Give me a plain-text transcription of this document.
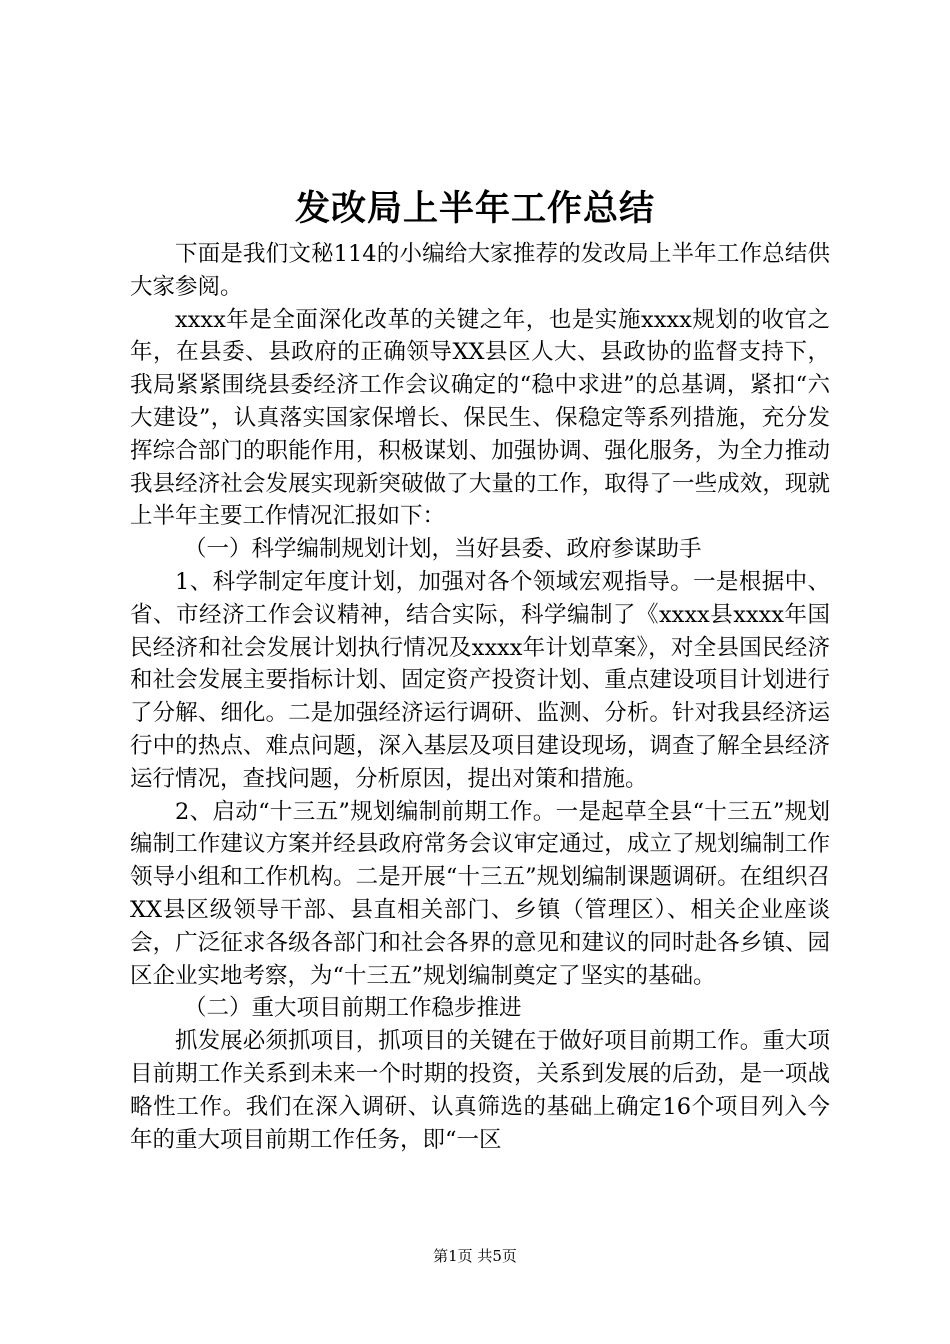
发改局上半年工作总结

下面是我们文秘114的小编给大家推荐的发改局上半年工作总结供大家参阅。

xxxx年是全面深化改革的关键之年，也是实施xxxx规划的收官之年，在县委、县政府的正确领导XX县区人大、县政协的监督支持下，我局紧紧围绕县委经济工作会议确定的“稳中求进”的总基调，紧扣“六大建设”，认真落实国家保增长、保民生、保稳定等系列措施，充分发挥综合部门的职能作用，积极谋划、加强协调、强化服务，为全力推动我县经济社会发展实现新突破做了大量的工作，取得了一些成效，现就上半年主要工作情况汇报如下：

（一）科学编制规划计划，当好县委、政府参谋助手

1、科学制定年度计划，加强对各个领域宏观指导。一是根据中、省、市经济工作会议精神，结合实际，科学编制了《xxxx县xxxx年国民经济和社会发展计划执行情况及xxxx年计划草案》，对全县国民经济和社会发展主要指标计划、固定资产投资计划、重点建设项目计划进行了分解、细化。二是加强经济运行调研、监测、分析。针对我县经济运行中的热点、难点问题，深入基层及项目建设现场，调查了解全县经济运行情况，查找问题，分析原因，提出对策和措施。

2、启动“十三五”规划编制前期工作。一是起草全县“十三五”规划编制工作建议方案并经县政府常务会议审定通过，成立了规划编制工作领导小组和工作机构。二是开展“十三五”规划编制课题调研。在组织召XX县区级领导干部、县直相关部门、乡镇（管理区）、相关企业座谈会，广泛征求各级各部门和社会各界的意见和建议的同时赴各乡镇、园区企业实地考察，为“十三五”规划编制奠定了坚实的基础。

（二）重大项目前期工作稳步推进

抓发展必须抓项目，抓项目的关键在于做好项目前期工作。重大项目前期工作关系到未来一个时期的投资，关系到发展的后劲，是一项战略性工作。我们在深入调研、认真筛选的基础上确定16个项目列入今年的重大项目前期工作任务，即“一区

第1页 共5页
